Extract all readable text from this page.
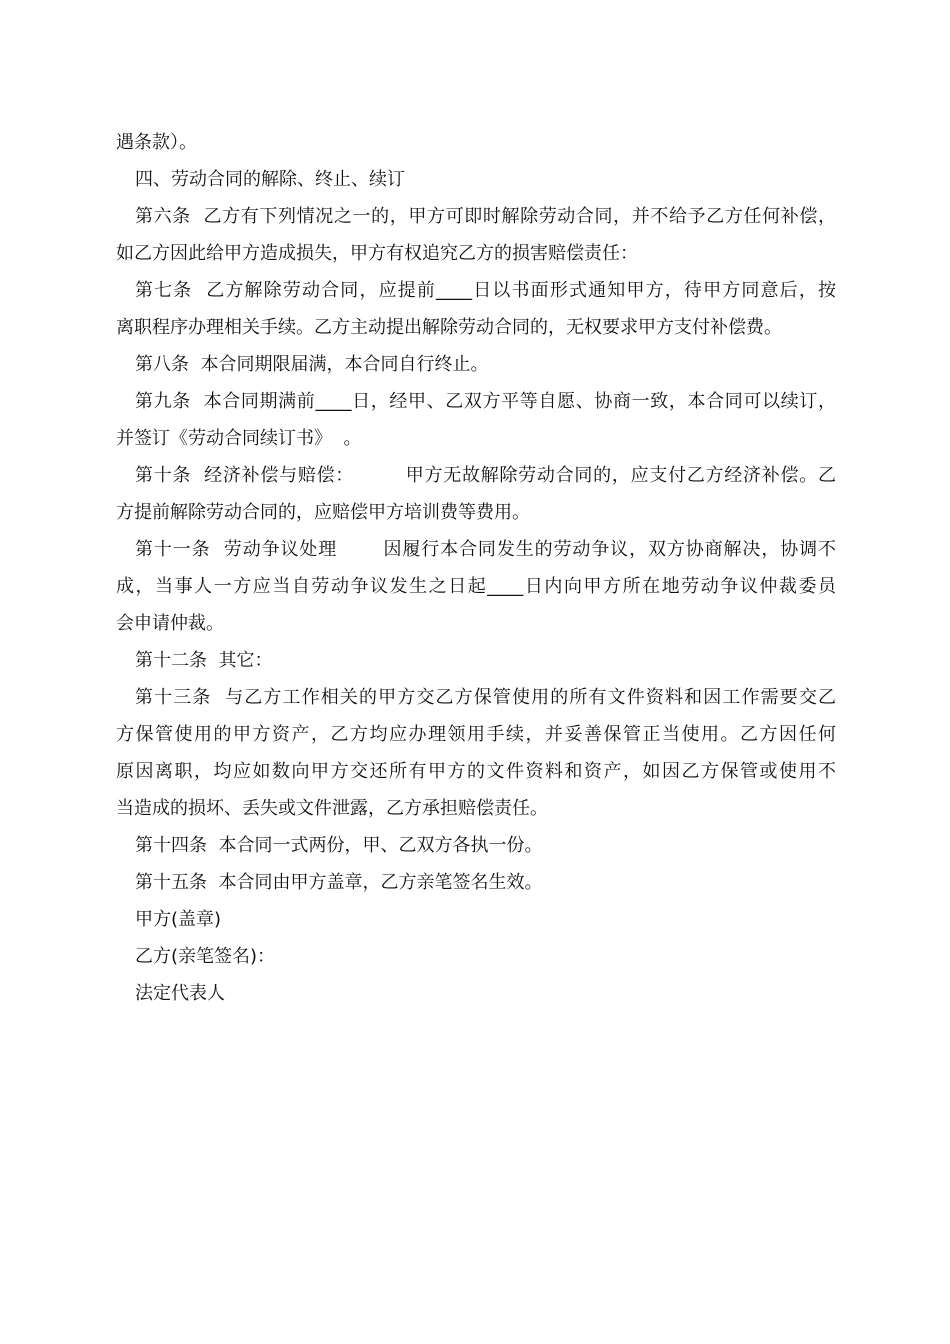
遇条款）。
四、劳动合同的解除、终止、续订
第六条  乙方有下列情况之一的，甲方可即时解除劳动合同，并不给予乙方任何补偿，
如乙方因此给甲方造成损失，甲方有权追究乙方的损害赔偿责任：
第七条  乙方解除劳动合同，应提前____日以书面形式通知甲方，待甲方同意后，按
离职程序办理相关手续。乙方主动提出解除劳动合同的，无权要求甲方支付补偿费。
第八条  本合同期限届满，本合同自行终止。
第九条  本合同期满前____日，经甲、乙双方平等自愿、协商一致，本合同可以续订，
并签订《劳动合同续订书》  。
第十条  经济补偿与赔偿：        甲方无故解除劳动合同的，应支付乙方经济补偿。乙
方提前解除劳动合同的，应赔偿甲方培训费等费用。
第十一条  劳动争议处理       因履行本合同发生的劳动争议，双方协商解决，协调不
成，当事人一方应当自劳动争议发生之日起____日内向甲方所在地劳动争议仲裁委员
会申请仲裁。
第十二条  其它：
第十三条  与乙方工作相关的甲方交乙方保管使用的所有文件资料和因工作需要交乙
方保管使用的甲方资产，乙方均应办理领用手续，并妥善保管正当使用。乙方因任何
原因离职，均应如数向甲方交还所有甲方的文件资料和资产，如因乙方保管或使用不
当造成的损坏、丢失或文件泄露，乙方承担赔偿责任。
第十四条  本合同一式两份，甲、乙双方各执一份。
第十五条  本合同由甲方盖章，乙方亲笔签名生效。
甲方(盖章)
乙方(亲笔签名)：
法定代表人
